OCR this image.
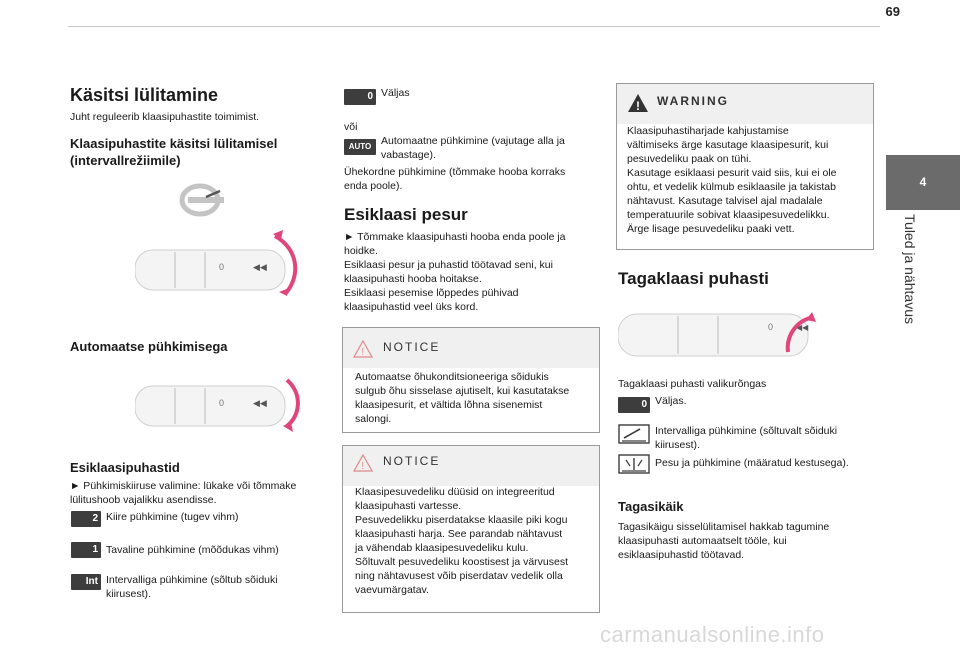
69
4
Tuled ja nähtavus
Käsitsi lülitamine
Juht reguleerib klaasipuhastite toimimist.
Klaasipuhastite käsitsi lülitamisel
(intervallrežiimile)
0	◀◀
Automaatse pühkimisega
0	◀◀
Esiklaasipuhastid
► Pühkimiskiiruse valimine: lükake või tõmmake
lülitushoob vajalikku asendisse.
2 Kiire pühkimine (tugev vihm)
1 Tavaline pühkimine (mõõdukas vihm)
Int Intervalliga pühkimine (sõltub sõiduki
kiirusest).
0 Väljas
või
AUTO Automaatne pühkimine (vajutage alla ja
vabastage).
Ühekordne pühkimine (tõmmake hooba korraks
enda poole).
Esiklaasi pesur
► Tõmmake klaasipuhasti hooba enda poole ja
hoidke.
Esiklaasi pesur ja puhastid töötavad seni, kui
klaasipuhasti hooba hoitakse.
Esiklaasi pesemise lõppedes pühivad
klaasipuhastid veel üks kord.
! NOTICE
Automaatse õhukonditsioneeriga sõidukis
sulgub õhu sisselase ajutiselt, kui kasutatakse
klaasipesurit, et vältida lõhna sisenemist
salongi.
! NOTICE
Klaasipesuvedeliku düüsid on integreeritud
klaasipuhasti vartesse.
Pesuvedelikku piserdatakse klaasile piki kogu
klaasipuhasti harja. See parandab nähtavust
ja vähendab klaasipesuvedeliku kulu.
Sõltuvalt pesuvedeliku koostisest ja värvusest
ning nähtavusest võib piserdatav vedelik olla
vaevumärgatav.
! WARNING
Klaasipuhastiharjade kahjustamise
vältimiseks ärge kasutage klaasipesurit, kui
pesuvedeliku paak on tühi.
Kasutage esiklaasi pesurit vaid siis, kui ei ole
ohtu, et vedelik külmub esiklaasile ja takistab
nähtavust. Kasutage talvisel ajal madalale
temperatuurile sobivat klaasipesuvedelikku.
Ärge lisage pesuvedeliku paaki vett.
Tagaklaasi puhasti
0	◀◀
Tagaklaasi puhasti valikurõngas
0 Väljas.
Intervalliga pühkimine (sõltuvalt sõiduki
kiirusest).
Pesu ja pühkimine (määratud kestusega).
Tagasikäik
Tagasikäigu sisselülitamisel hakkab tagumine
klaasipuhasti automaatselt tööle, kui
esiklaasipuhastid töötavad.
carmanualsonline.info
